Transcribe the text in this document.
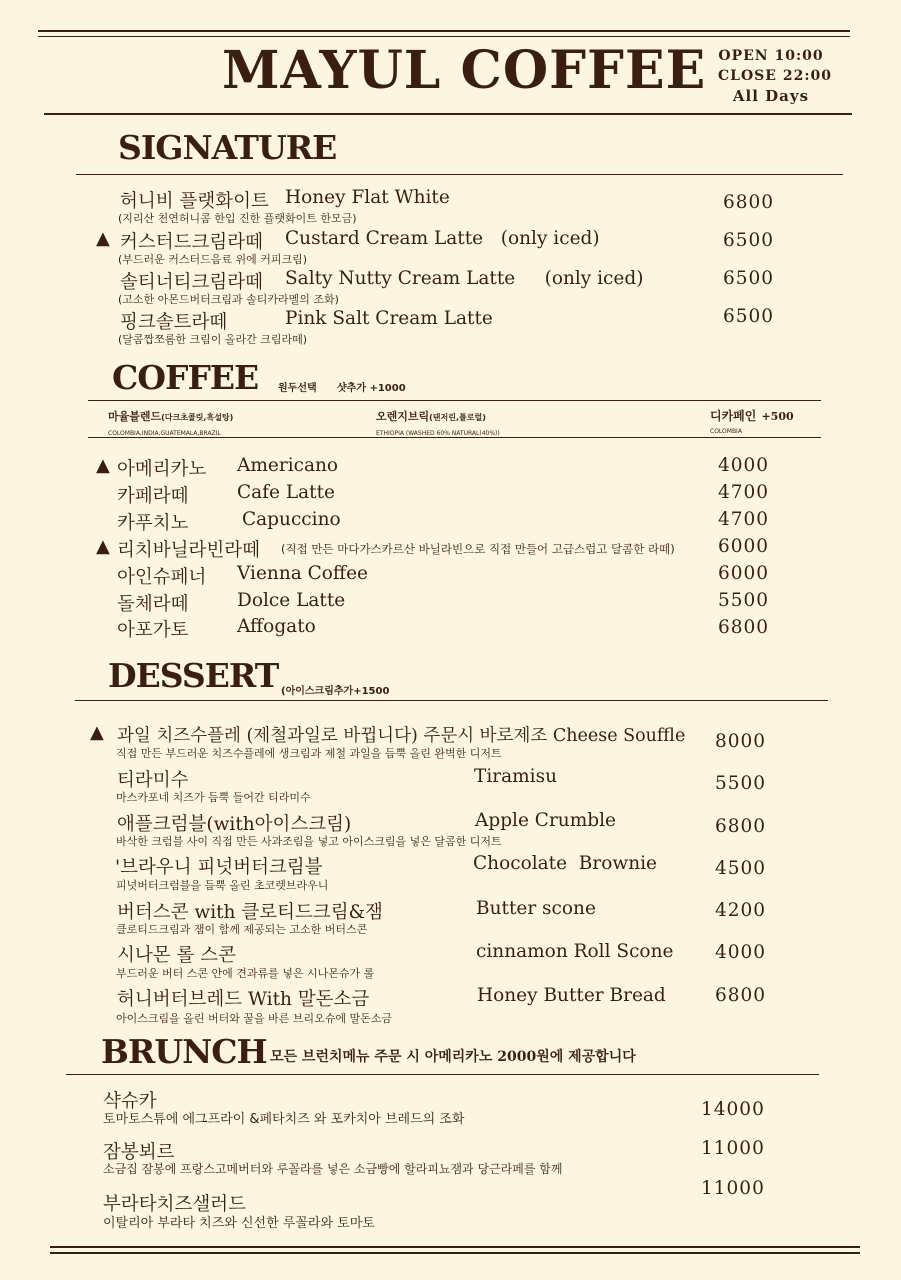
MAYUL COFFEE OPEN 10:00
CLOSE 22:00
All Days
SIGNATURE
허니비 플랫화이트 Honey Flat White
(지리산 천연허니콤 한입 진한 플랫화이트 한모금)
6800
▲ 커스터드크림라떼 Custard Cream Latte   (only iced)
(부드러운 커스터드음료 위에 커피크림)
6500
솔티너티크림라떼 Salty Nutty Cream Latte     (only iced)
(고소한 아몬드버터크림과 솔티카라멜의 조화)
6500
핑크솔트라떼	Pink Salt Cream Latte
(달콤짭쪼롬한 크림이 올라간 크림라떼)
6500
COFFEE 원두선택 샷추가 +1000
마율블렌드(다크초콜릿,흑설탕)
COLOMBIA,INDIA,GUATEMALA,BRAZIL
오렌지브릭(탠저린,플로럴)
ETHIOPIA (WASHED 60% NATURAL(40%))
디카페인 +500
COLOMBIA
▲ 아메리카노 Americano	4000
카페라떼	Cafe Latte	4700
카푸치노	Capuccino	4700
▲ 리치바닐라빈라떼 (직접 만든 마다가스카르산 바닐라빈으로 직접 만들어 고급스럽고 달콤한 라떼) 6000
아인슈페너 Vienna Coffee	6000
돌체라떼	Dolce Latte	5500
아포가토	Affogato	6800
DESSERT (아이스크림추가+1500
▲ 과일 치즈수플레 (제철과일로 바뀝니다) 주문시 바로제조 Cheese Souffle
직접 만든 부드러운 치즈수플레에 생크림과 제철 과일을 듬뿍 올린 완벽한 디저트
8000
티라미수	Tiramisu
마스카포네 치즈가 듬뿍 들어간 티라미수
5500
애플크럼블(with아이스크림)	Apple Crumble
바삭한 크럼블 사이 직접 만든 사과조림을 넣고 아이스크림을 넣은 달콤한 디저트
6800
'브라우니 피넛버터크림블	Chocolate  Brownie
피넛버터크럼블을 듬뿍 올린 초코렛브라우니
4500
버터스콘 with 클로티드크림&잼	Butter scone
클로티드크림과 잼이 함께 제공되는 고소한 버터스콘
4200
시나몬 롤 스콘	cinnamon Roll Scone
부드러운 버터 스콘 안에 견과류를 넣은 시나몬슈가 롤
4000
허니버터브레드 With 말돈소금	Honey Butter Bread
아이스크림을 올린 버터와 꿀을 바른 브리오슈에 말돈소금
6800
BRUNCH 모든 브런치메뉴 주문 시 아메리카노 2000원에 제공합니다
샥슈카
토마토스튜에 에그프라이 &페타치즈 와 포카치아 브레드의 조화	14000
잠봉뵈르
소금집 잠봉에 프랑스고메버터와 루꼴라를 넣은 소금빵에 할라피뇨잼과 당근라페를 함께
11000
부라타치즈샐러드
이탈리아 부라타 치즈와 신선한 루꼴라와 토마토
11000
